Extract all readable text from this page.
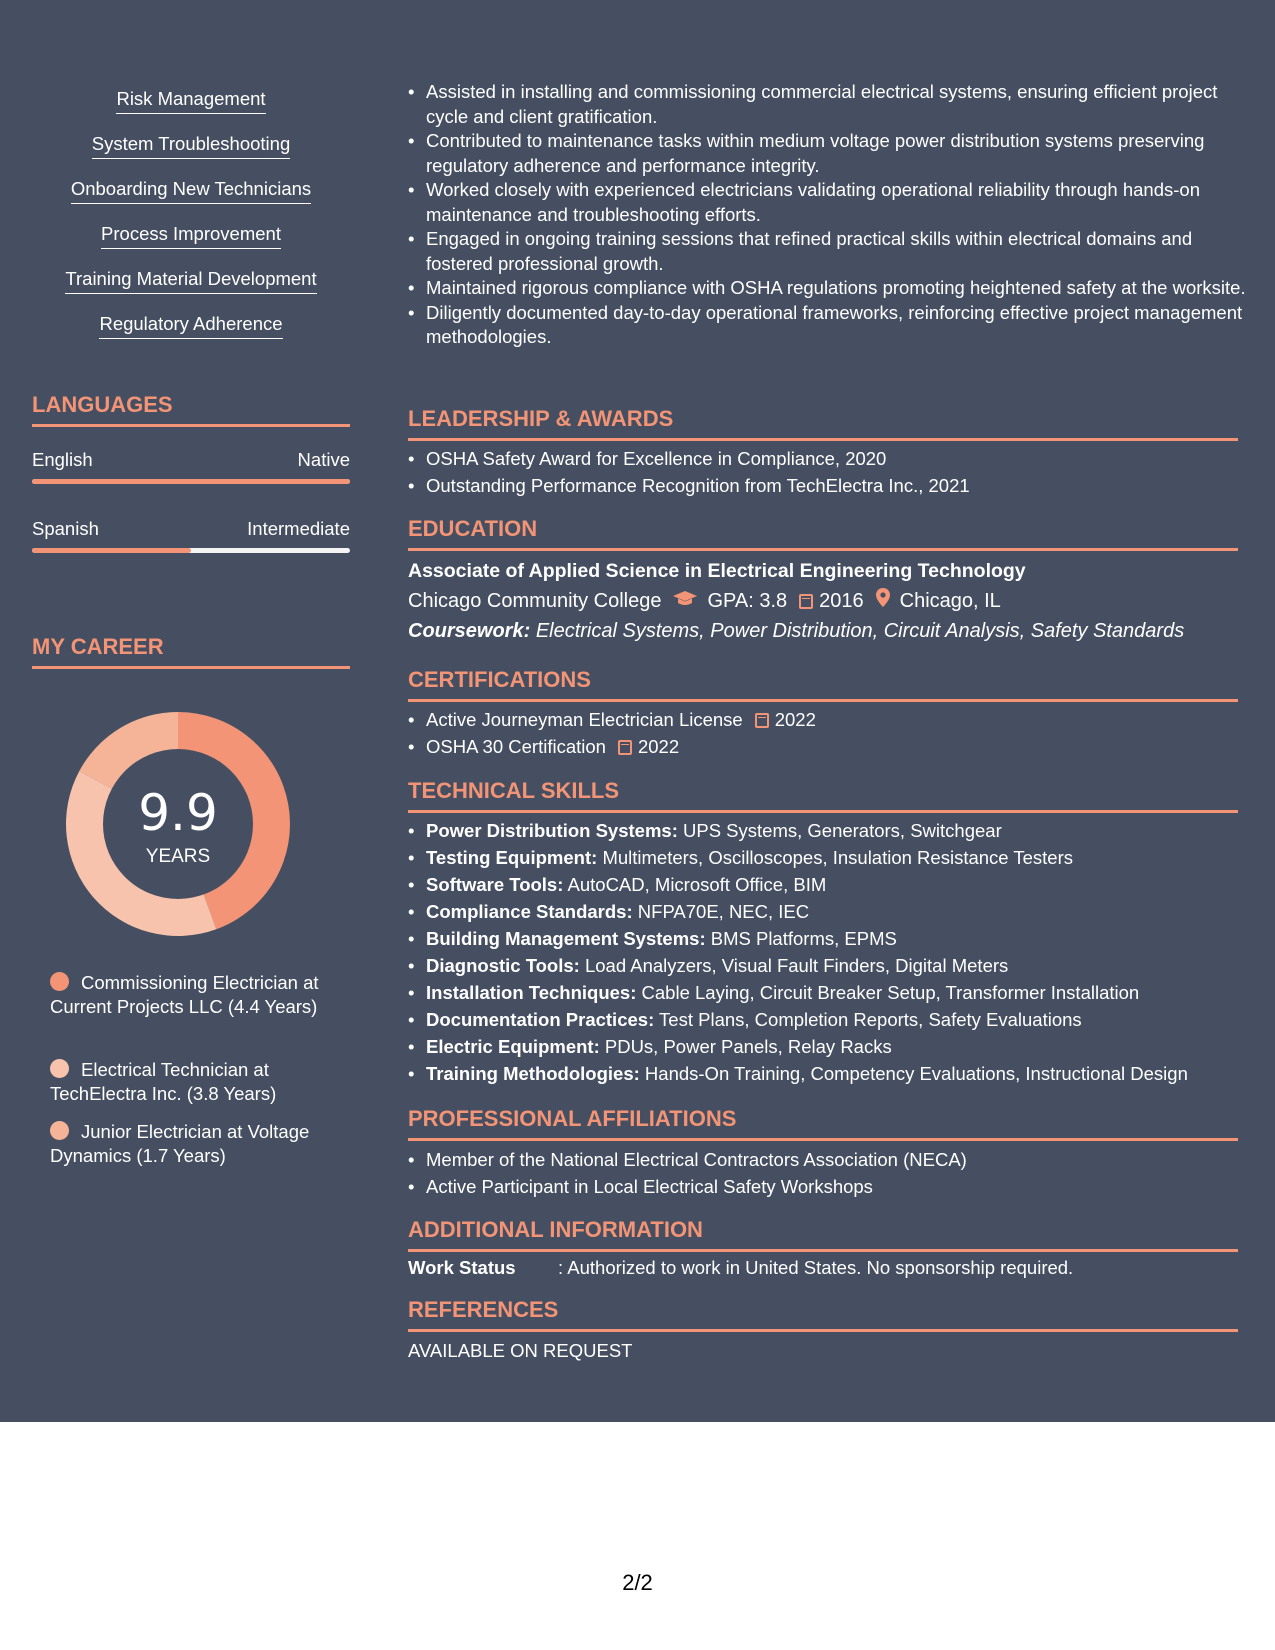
Risk Management
System Troubleshooting
Onboarding New Technicians
Process Improvement
Training Material Development
Regulatory Adherence
LANGUAGES
English	Native
Spanish	Intermediate
MY CAREER
9.9
YEARS
Commissioning Electrician at Current Projects LLC (4.4 Years)
Electrical Technician at TechElectra Inc. (3.8 Years)
Junior Electrician at Voltage Dynamics (1.7 Years)
• Assisted in installing and commissioning commercial electrical systems, ensuring efficient project cycle and client gratification.
• Contributed to maintenance tasks within medium voltage power distribution systems preserving regulatory adherence and performance integrity.
• Worked closely with experienced electricians validating operational reliability through hands-on maintenance and troubleshooting efforts.
• Engaged in ongoing training sessions that refined practical skills within electrical domains and fostered professional growth.
• Maintained rigorous compliance with OSHA regulations promoting heightened safety at the worksite.
• Diligently documented day-to-day operational frameworks, reinforcing effective project management methodologies.
LEADERSHIP & AWARDS
• OSHA Safety Award for Excellence in Compliance, 2020
• Outstanding Performance Recognition from TechElectra Inc., 2021
EDUCATION
Associate of Applied Science in Electrical Engineering Technology
Chicago Community College GPA: 3.8 2016 Chicago, IL
Coursework: Electrical Systems, Power Distribution, Circuit Analysis, Safety Standards
CERTIFICATIONS
• Active Journeyman Electrician License 2022
• OSHA 30 Certification 2022
TECHNICAL SKILLS
• Power Distribution Systems: UPS Systems, Generators, Switchgear
• Testing Equipment: Multimeters, Oscilloscopes, Insulation Resistance Testers
• Software Tools: AutoCAD, Microsoft Office, BIM
• Compliance Standards: NFPA70E, NEC, IEC
• Building Management Systems: BMS Platforms, EPMS
• Diagnostic Tools: Load Analyzers, Visual Fault Finders, Digital Meters
• Installation Techniques: Cable Laying, Circuit Breaker Setup, Transformer Installation
• Documentation Practices: Test Plans, Completion Reports, Safety Evaluations
• Electric Equipment: PDUs, Power Panels, Relay Racks
• Training Methodologies: Hands-On Training, Competency Evaluations, Instructional Design
PROFESSIONAL AFFILIATIONS
• Member of the National Electrical Contractors Association (NECA)
• Active Participant in Local Electrical Safety Workshops
ADDITIONAL INFORMATION
Work Status : Authorized to work in United States. No sponsorship required.
REFERENCES
AVAILABLE ON REQUEST
2/2
